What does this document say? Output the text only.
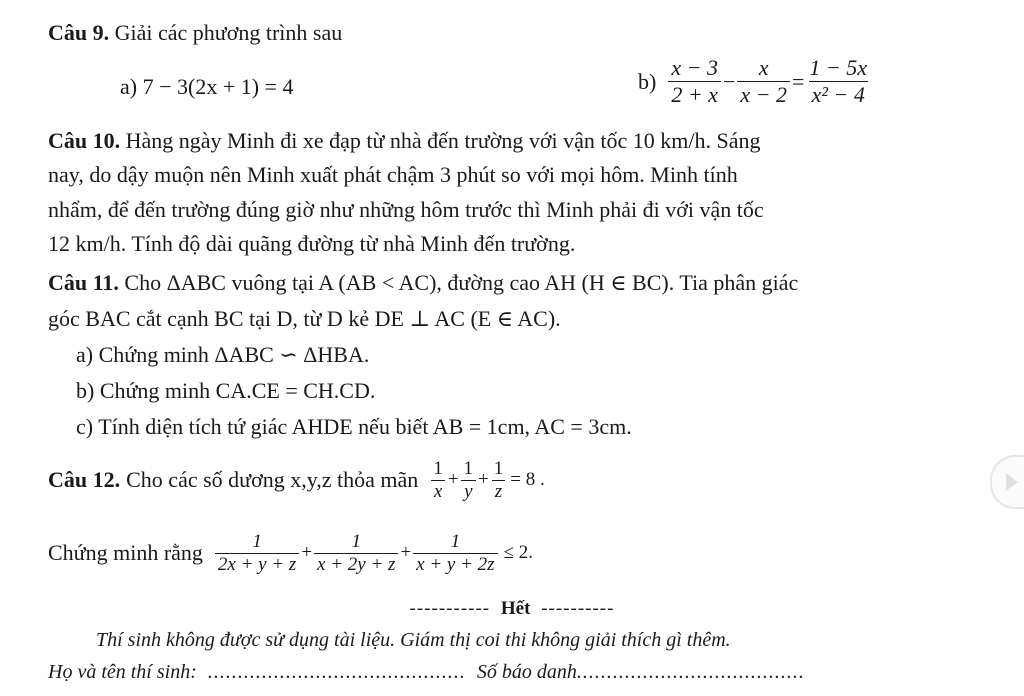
Câu 9. Giải các phương trình sau
a) 7 − 3(2x + 1) = 4	$b) \frac{x - 3}{2 + x} - \frac{x}{x - 2} = \frac{1 - 5x}{\text{x² − 4}}$
Câu 10. Hàng ngày Minh đi xe đạp từ nhà đến trường với vận tốc 10 km/h. Sáng
nay, do dậy muộn nên Minh xuất phát chậm 3 phút so với mọi hôm. Minh tính
nhẩm, để đến trường đúng giờ như những hôm trước thì Minh phải đi với vận tốc
12 km/h. Tính độ dài quãng đường từ nhà Minh đến trường.
Câu 11. Cho ΔABC vuông tại A (AB < AC), đường cao AH (H ∈ BC). Tia phân giác
góc BAC cắt cạnh BC tại D, từ D kẻ DE ⊥ AC (E ∈ AC).
a) Chứng minh ΔABC ∽ ΔHBA.
b) Chứng minh CA.CE = CH.CD.
c) Tính diện tích tứ giác AHDE nếu biết AB = 1cm, AC = 3cm.
Câu 12. Cho các số dương x,y,z thỏa mãn $\frac{1}{x} + \frac{1}{y} + \frac{1}{z} = 8$ .
Chứng minh rằng $\frac{1}{2x + y + z} + \frac{1}{x + 2y + z} + \frac{1}{x + y + 2z} \le 2$.
----------- Hết ----------
Thí sinh không được sử dụng tài liệu. Giám thị coi thi không giải thích gì thêm.
Họ và tên thí sinh: ........................................... Số báo danh......................................
